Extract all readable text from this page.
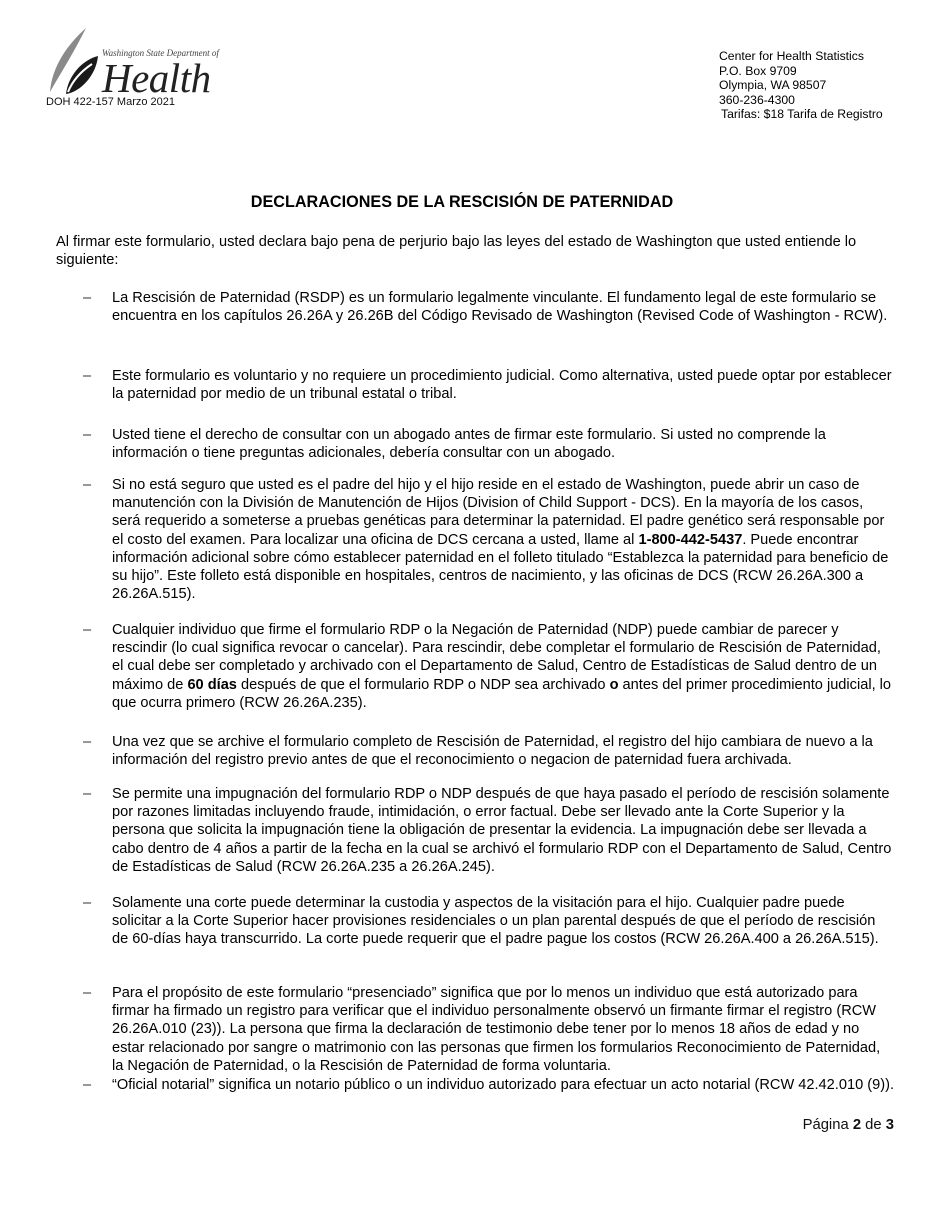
Washington State Department of
Health
DOH 422-157 Marzo 2021
Center for Health Statistics
P.O. Box 9709
Olympia, WA 98507
360-236-4300
Tarifas: $18 Tarifa de Registro
DECLARACIONES DE LA RESCISIÓN DE PATERNIDAD
Al firmar este formulario, usted declara bajo pena de perjurio bajo las leyes del estado de Washington que usted entiende lo siguiente:
–	La Rescisión de Paternidad (RSDP) es un formulario legalmente vinculante. El fundamento legal de este formulario se encuentra en los capítulos 26.26A y 26.26B del Código Revisado de Washington (Revised Code of Washington - RCW).
–	Este formulario es voluntario y no requiere un procedimiento judicial. Como alternativa, usted puede optar por establecer la paternidad por medio de un tribunal estatal o tribal.
–	Usted tiene el derecho de consultar con un abogado antes de firmar este formulario. Si usted no comprende la información o tiene preguntas adicionales, debería consultar con un abogado.
–	Si no está seguro que usted es el padre del hijo y el hijo reside en el estado de Washington, puede abrir un caso de manutención con la División de Manutención de Hijos (Division of Child Support - DCS). En la mayoría de los casos, será requerido a someterse a pruebas genéticas para determinar la paternidad. El padre genético será responsable por el costo del examen. Para localizar una oficina de DCS cercana a usted, llame al 1-800-442-5437. Puede encontrar información adicional sobre cómo establecer paternidad en el folleto titulado “Establezca la paternidad para beneficio de su hijo”. Este folleto está disponible en hospitales, centros de nacimiento, y las oficinas de DCS (RCW 26.26A.300 a 26.26A.515).
–	Cualquier individuo que firme el formulario RDP o la Negación de Paternidad (NDP) puede cambiar de parecer y rescindir (lo cual significa revocar o cancelar). Para rescindir, debe completar el formulario de Rescisión de Paternidad, el cual debe ser completado y archivado con el Departamento de Salud, Centro de Estadísticas de Salud dentro de un máximo de 60 días después de que el formulario RDP o NDP sea archivado o antes del primer procedimiento judicial, lo que ocurra primero (RCW 26.26A.235).
–	Una vez que se archive el formulario completo de Rescisión de Paternidad, el registro del hijo cambiara de nuevo a la información del registro previo antes de que el reconocimiento o negacion de paternidad fuera archivada.
–	Se permite una impugnación del formulario RDP o NDP después de que haya pasado el período de rescisión solamente por razones limitadas incluyendo fraude, intimidación, o error factual. Debe ser llevado ante la Corte Superior y la persona que solicita la impugnación tiene la obligación de presentar la evidencia. La impugnación debe ser llevada a cabo dentro de 4 años a partir de la fecha en la cual se archivó el formulario RDP con el Departamento de Salud, Centro de Estadísticas de Salud (RCW 26.26A.235 a 26.26A.245).
–	Solamente una corte puede determinar la custodia y aspectos de la visitación para el hijo. Cualquier padre puede solicitar a la Corte Superior hacer provisiones residenciales o un plan parental después de que el período de rescisión de 60-días haya transcurrido. La corte puede requerir que el padre pague los costos (RCW 26.26A.400 a 26.26A.515).
–	Para el propósito de este formulario “presenciado” significa que por lo menos un individuo que está autorizado para firmar ha firmado un registro para verificar que el individuo personalmente observó un firmante firmar el registro (RCW 26.26A.010 (23)). La persona que firma la declaración de testimonio debe tener por lo menos 18 años de edad y no estar relacionado por sangre o matrimonio con las personas que firmen los formularios Reconocimiento de Paternidad, la Negación de Paternidad, o la Rescisión de Paternidad de forma voluntaria.
–	“Oficial notarial” significa un notario público o un individuo autorizado para efectuar un acto notarial (RCW 42.42.010 (9)).
Página 2 de 3
